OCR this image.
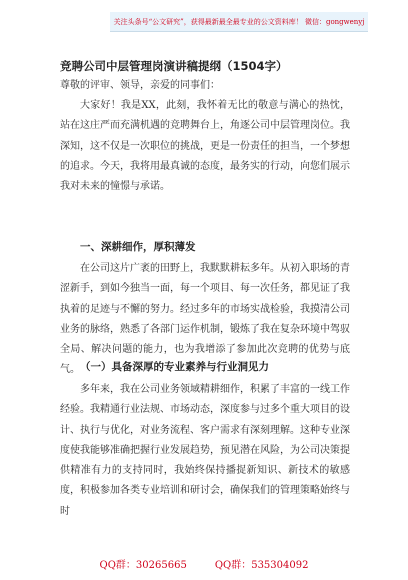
关注头条号“公文研究”，获得最新最全最专业的公文资料库！ 微信：gongwenyj
竞聘公司中层管理岗演讲稿提纲（1504字）
尊敬的评审、领导，亲爱的同事们：
大家好！我是XX，此刻，我怀着无比的敬意与满心的热忱，站在这庄严而充满机遇的竞聘舞台上，角逐公司中层管理岗位。我深知，这不仅是一次职位的挑战，更是一份责任的担当，一个梦想的追求。今天，我将用最真诚的态度，最务实的行动，向您们展示我对未来的憧憬与承诺。
一、深耕细作，厚积薄发
在公司这片广袤的田野上，我默默耕耘多年。从初入职场的青涩新手，到如今独当一面，每一个项目、每一次任务，都见证了我执着的足迹与不懈的努力。经过多年的市场实战检验，我摸清公司业务的脉络，熟悉了各部门运作机制，锻炼了我在复杂环境中驾驭全局、解决问题的能力，也为我增添了参加此次竞聘的优势与底气。 （一）具备深厚的专业素养与行业洞见力
多年来，我在公司业务领域精耕细作，积累了丰富的一线工作经验。我精通行业法规、市场动态，深度参与过多个重大项目的设计、执行与优化，对业务流程、客户需求有深刻理解。这种专业深度使我能够准确把握行业发展趋势，预见潜在风险，为公司决策提供精准有力的支持同时，我始终保持播捉新知识、新技术的敏感度，积极参加各类专业培训和研讨会，确保我们的管理策略始终与时
QQ群：30265665	QQ群：535304092
